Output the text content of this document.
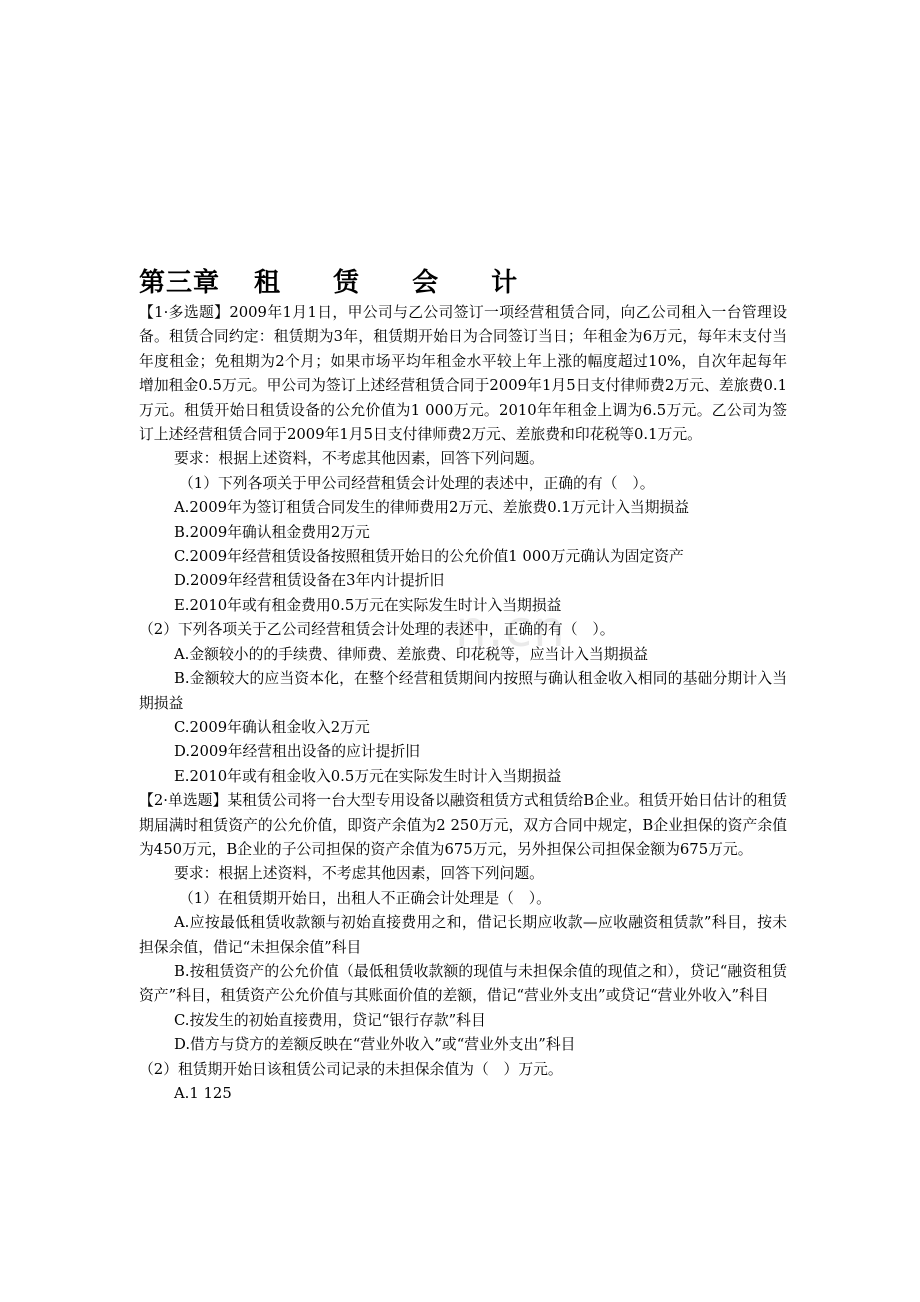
n.cn
第三章 租 赁 会 计

【1·多选题】2009年1月1日，甲公司与乙公司签订一项经营租赁合同，向乙公司租入一台管理设备。租赁合同约定：租赁期为3年，租赁期开始日为合同签订当日；年租金为6万元，每年末支付当年度租金；免租期为2个月；如果市场平均年租金水平较上年上涨的幅度超过10%，自次年起每年增加租金0.5万元。甲公司为签订上述经营租赁合同于2009年1月5日支付律师费2万元、差旅费0.1万元。租赁开始日租赁设备的公允价值为1 000万元。2010年年租金上调为6.5万元。乙公司为签订上述经营租赁合同于2009年1月5日支付律师费2万元、差旅费和印花税等0.1万元。

要求：根据上述资料，不考虑其他因素，回答下列问题。

（1）下列各项关于甲公司经营租赁会计处理的表述中，正确的有（　）。

A.2009年为签订租赁合同发生的律师费用2万元、差旅费0.1万元计入当期损益

B.2009年确认租金费用2万元

C.2009年经营租赁设备按照租赁开始日的公允价值1 000万元确认为固定资产

D.2009年经营租赁设备在3年内计提折旧

E.2010年或有租金费用0.5万元在实际发生时计入当期损益

（2）下列各项关于乙公司经营租赁会计处理的表述中，正确的有（　）。

A.金额较小的的手续费、律师费、差旅费、印花税等，应当计入当期损益

B.金额较大的应当资本化，在整个经营租赁期间内按照与确认租金收入相同的基础分期计入当期损益

C.2009年确认租金收入2万元

D.2009年经营租出设备的应计提折旧

E.2010年或有租金收入0.5万元在实际发生时计入当期损益

【2·单选题】某租赁公司将一台大型专用设备以融资租赁方式租赁给B企业。租赁开始日估计的租赁期届满时租赁资产的公允价值，即资产余值为2 250万元，双方合同中规定，B企业担保的资产余值为450万元，B企业的子公司担保的资产余值为675万元，另外担保公司担保金额为675万元。

要求：根据上述资料，不考虑其他因素，回答下列问题。

（1）在租赁期开始日，出租人不正确会计处理是（　）。

A.应按最低租赁收款额与初始直接费用之和，借记长期应收款—应收融资租赁款”科目，按未担保余值，借记“未担保余值”科目

B.按租赁资产的公允价值（最低租赁收款额的现值与未担保余值的现值之和），贷记“融资租赁资产”科目，租赁资产公允价值与其账面价值的差额，借记“营业外支出”或贷记“营业外收入”科目

C.按发生的初始直接费用，贷记“银行存款”科目

D.借方与贷方的差额反映在“营业外收入”或“营业外支出”科目

（2）租赁期开始日该租赁公司记录的未担保余值为（　）万元。

A.1 125
